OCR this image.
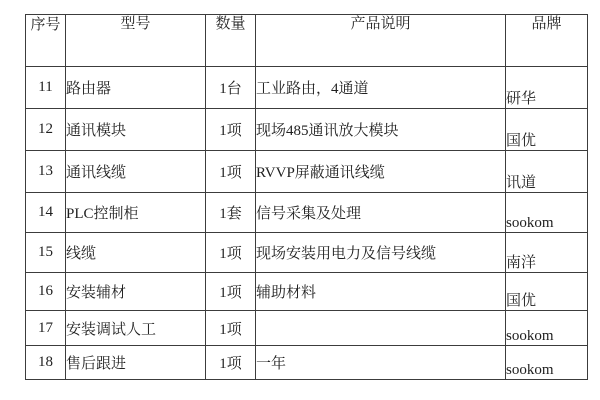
序号	型号	数量	产品说明	品牌
11	路由器	1台	工业路由，4通道	研华
12	通讯模块	1项	现场485通讯放大模块	国优
13	通讯线缆	1项	RVVP屏蔽通讯线缆	讯道
14	PLC控制柜	1套	信号采集及处理	sookom
15	线缆	1项	现场安装用电力及信号线缆	南洋
16	安装辅材	1项	辅助材料	国优
17	安装调试人工	1项		sookom
18	售后跟进	1项	一年	sookom
